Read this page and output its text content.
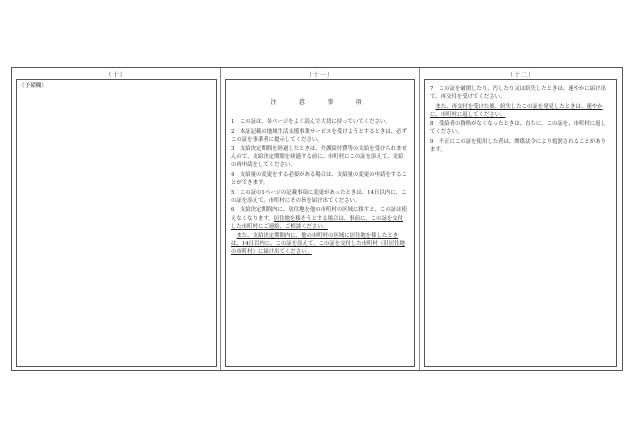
（十）
（予備欄）
（十一）
注　意　事　項
1　この証は、各ページをよく読んで大切に持っていてください。
2　本証記載の地域生活支援事業サービスを受けようとするときは、必ずこの証を事業者に提示してください。
3　支給決定期間を経過したときは、介護給付費等の支給を受けられませんので、支給決定期間を経過する前に、市町村にこの証を添えて、支給の再申請をしてください。
4　支給量の変更をする必要がある場合は、支給量の変更の申請をすることができます。
5　この証の1ページの記載事項に変更があったときは、14日以内に、この証を添えて、市町村にその旨を届け出てください。
6　支給決定期間内に、居住地を他の市町村の区域に移すと、この証は使えなくなります。居住地を移そうとする場合は、事前に、この証を交付した市町村にご連絡、ご相談ください。
また、支給決定期間内に、他の市町村の区域に居住地を移したときは、14日以内に、この証を添えて、この証を交付した市町村（旧居住地の市町村）に届け出てください。
（十二）
7　この証を破損したり、汚したり又は紛失したときは、速やかに届け出て、再交付を受けてください。
また、再交付を受けた後、紛失したこの証を発見したときは、速やかに、市町村に返してください。
8　受給者の資格がなくなったときは、直ちに、この証を、市町村に返してください。
9　不正にこの証を使用した者は、関係法令により処罰されることがあります。
